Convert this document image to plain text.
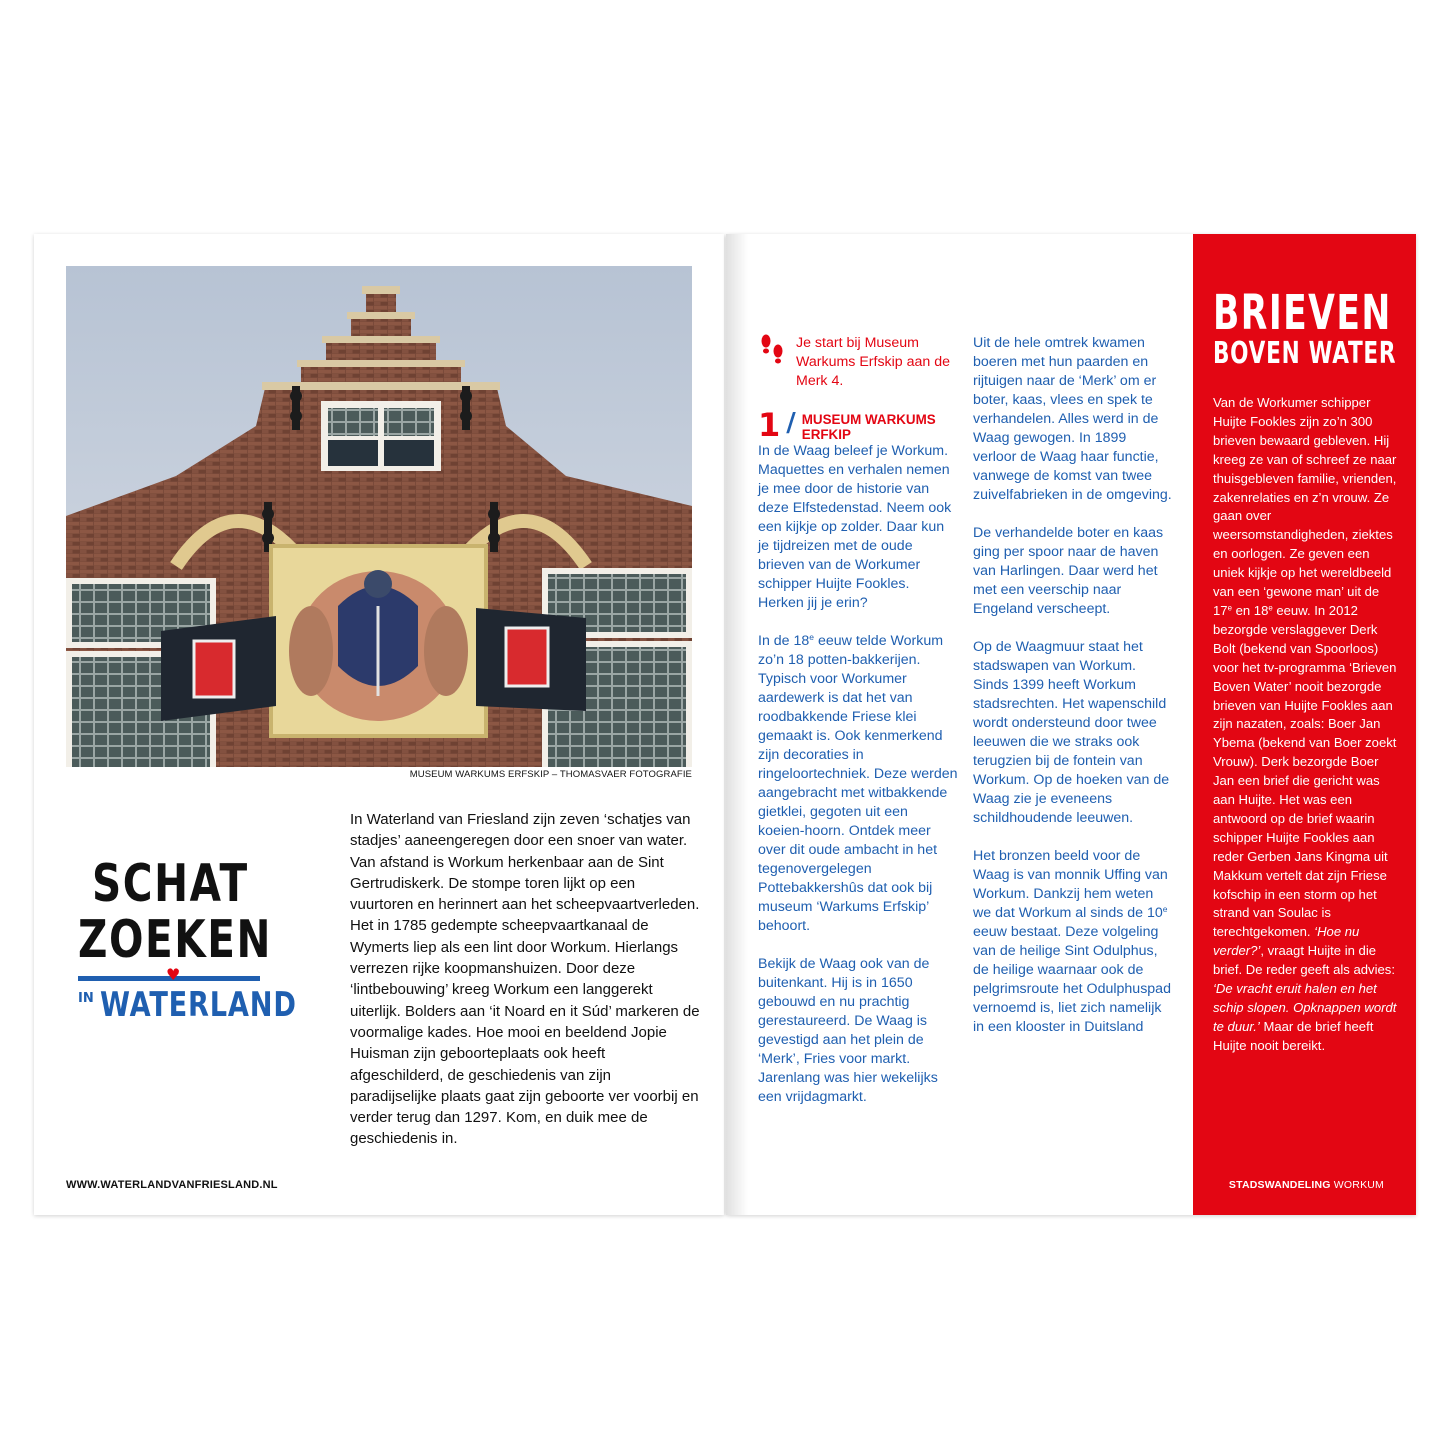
MUSEUM WARKUMS ERFSKIP – THOMASVAER FOTOGRAFIE
SCHAT
ZOEKEN
♥
$^{IN}$ WATERLAND
In Waterland van Friesland zijn zeven ‘schatjes van stadjes’ aaneengeregen door een snoer van water. Van afstand is Workum herkenbaar aan de Sint Gertrudiskerk. De stompe toren lijkt op een vuurtoren en herinnert aan het scheepvaartverleden. Het in 1785 gedempte scheepvaartkanaal de Wymerts liep als een lint door Workum. Hierlangs verrezen rijke koopmanshuizen. Door deze ‘lintbebouwing’ kreeg Workum een langgerekt uiterlijk. Bolders aan ‘it Noard en it Súd’ markeren de voormalige kades. Hoe mooi en beeldend Jopie Huisman zijn geboorteplaats ook heeft afgeschilderd, de geschiedenis van zijn paradijselijke plaats gaat zijn geboorte ver voorbij en verder terug dan 1297. Kom, en duik mee de geschiedenis in.
WWW.WATERLANDVANFRIESLAND.NL

Je start bij Museum Warkums Erfskip aan de Merk 4.

1 / MUSEUM WARKUMS ERFKIP

In de Waag beleef je Workum. Maquettes en verhalen nemen je mee door de historie van deze Elfstedenstad. Neem ook een kijkje op zolder. Daar kun je tijdreizen met de oude brieven van de Workumer schipper Huijte Fookles. Herken jij je erin?

In de 18e eeuw telde Workum zo’n 18 potten-bakkerijen. Typisch voor Workumer aardewerk is dat het van roodbakkende Friese klei gemaakt is. Ook kenmerkend zijn decoraties in ringeloortechniek. Deze werden aangebracht met witbakkende gietklei, gegoten uit een koeien-hoorn. Ontdek meer over dit oude ambacht in het tegenovergelegen Pottebakkershûs dat ook bij museum ‘Warkums Erfskip’ behoort.

Bekijk de Waag ook van de buitenkant. Hij is in 1650 gebouwd en nu prachtig gerestaureerd. De Waag is gevestigd aan het plein de ‘Merk’, Fries voor markt. Jarenlang was hier wekelijks een vrijdagmarkt.

Uit de hele omtrek kwamen boeren met hun paarden en rijtuigen naar de ‘Merk’ om er boter, kaas, vlees en spek te verhandelen. Alles werd in de Waag gewogen. In 1899 verloor de Waag haar functie, vanwege de komst van twee zuivelfabrieken in de omgeving.

De verhandelde boter en kaas ging per spoor naar de haven van Harlingen. Daar werd het met een veerschip naar Engeland verscheept.

Op de Waagmuur staat het stadswapen van Workum. Sinds 1399 heeft Workum stadsrechten. Het wapenschild wordt ondersteund door twee leeuwen die we straks ook terugzien bij de fontein van Workum. Op de hoeken van de Waag zie je eveneens schildhoudende leeuwen.

Het bronzen beeld voor de Waag is van monnik Uffing van Workum. Dankzij hem weten we dat Workum al sinds de 10e eeuw bestaat. Deze volgeling van de heilige Sint Odulphus, de heilige waarnaar ook de pelgrimsroute het Odulphuspad vernoemd is, liet zich namelijk in een klooster in Duitsland

BRIEVEN
BOVEN WATER
Van de Workumer schipper Huijte Fookles zijn zo’n 300 brieven bewaard gebleven. Hij kreeg ze van of schreef ze naar thuisgebleven familie, vrienden, zakenrelaties en z’n vrouw. Ze gaan over weersomstandigheden, ziektes en oorlogen. Ze geven een uniek kijkje op het wereldbeeld van een ‘gewone man’ uit de 17e en 18e eeuw. In 2012 bezorgde verslaggever Derk Bolt (bekend van Spoorloos) voor het tv-programma ‘Brieven Boven Water’ nooit bezorgde brieven van Huijte Fookles aan zijn nazaten, zoals: Boer Jan Ybema (bekend van Boer zoekt Vrouw). Derk bezorgde Boer Jan een brief die gericht was aan Huijte. Het was een antwoord op de brief waarin schipper Huijte Fookles aan reder Gerben Jans Kingma uit Makkum vertelt dat zijn Friese kofschip in een storm op het strand van Soulac is terechtgekomen. ‘Hoe nu verder?’, vraagt Huijte in die brief. De reder geeft als advies: ‘De vracht eruit halen en het schip slopen. Opknappen wordt te duur.’ Maar de brief heeft Huijte nooit bereikt.
STADSWANDELING WORKUM
